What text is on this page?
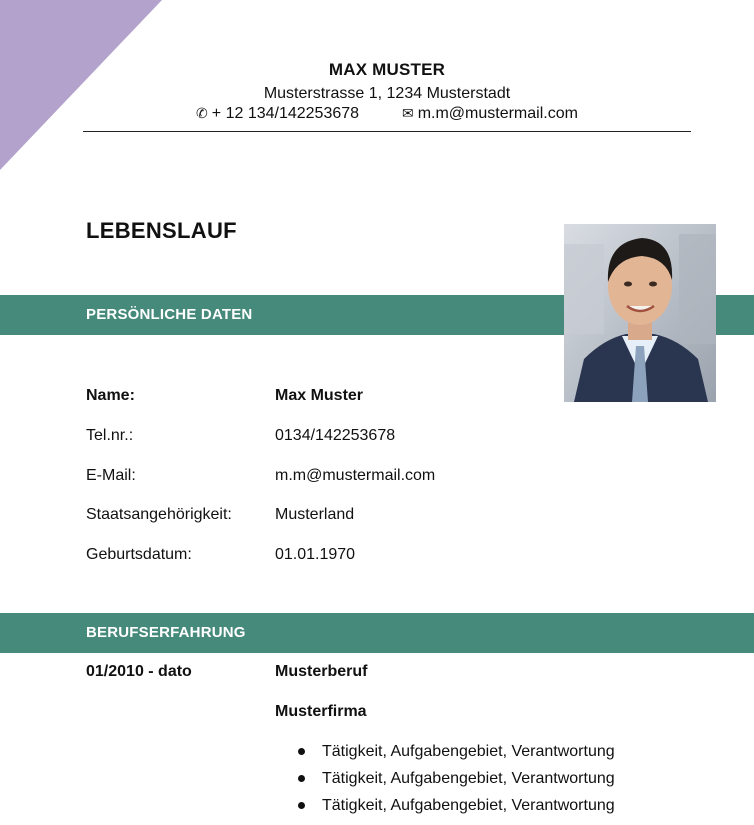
MAX MUSTER
Musterstrasse 1, 1234 Musterstadt
✆ + 12 134/142253678	✉ m.m@mustermail.com
LEBENSLAUF
PERSÖNLICHE DATEN
Name:	Max Muster
Tel.nr.:	0134/142253678
E-Mail:	m.m@mustermail.com
Staatsangehörigkeit:	Musterland
Geburtsdatum:	01.01.1970
BERUFSERFAHRUNG
01/2010 - dato	Musterberuf
Musterfirma
Tätigkeit, Aufgabengebiet, Verantwortung
Tätigkeit, Aufgabengebiet, Verantwortung
Tätigkeit, Aufgabengebiet, Verantwortung
